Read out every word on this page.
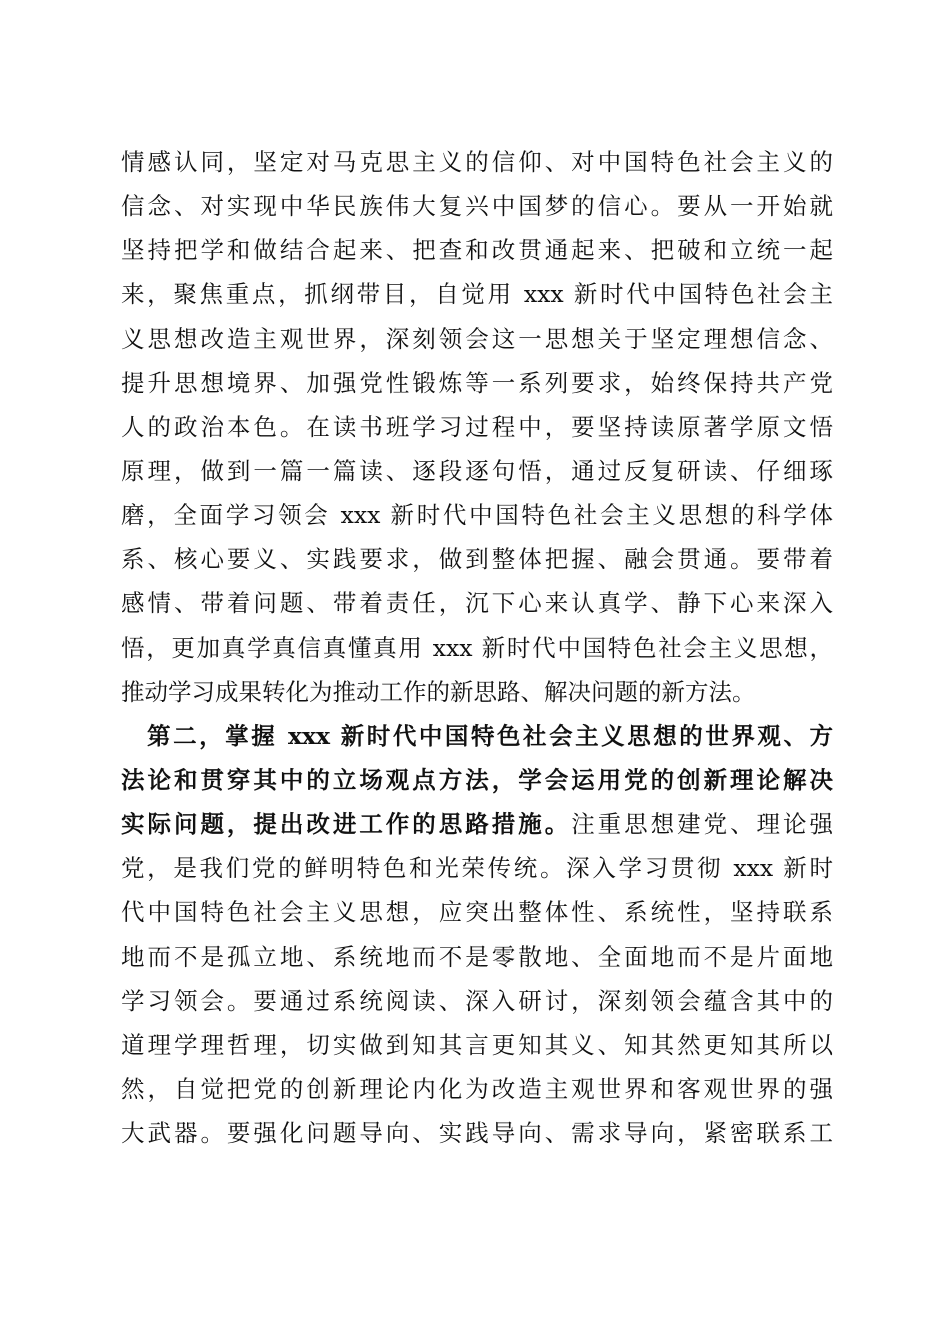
情感认同，坚定对马克思主义的信仰、对中国特色社会主义的
信念、对实现中华民族伟大复兴中国梦的信心。要从一开始就
坚持把学和做结合起来、把查和改贯通起来、把破和立统一起
来，聚焦重点，抓纲带目，自觉用 xxx 新时代中国特色社会主
义思想改造主观世界，深刻领会这一思想关于坚定理想信念、
提升思想境界、加强党性锻炼等一系列要求，始终保持共产党
人的政治本色。在读书班学习过程中，要坚持读原著学原文悟
原理，做到一篇一篇读、逐段逐句悟，通过反复研读、仔细琢
磨，全面学习领会 xxx 新时代中国特色社会主义思想的科学体
系、核心要义、实践要求，做到整体把握、融会贯通。要带着
感情、带着问题、带着责任，沉下心来认真学、静下心来深入
悟，更加真学真信真懂真用 xxx 新时代中国特色社会主义思想，
推动学习成果转化为推动工作的新思路、解决问题的新方法。
　第二，掌握 xxx 新时代中国特色社会主义思想的世界观、方
法论和贯穿其中的立场观点方法，学会运用党的创新理论解决
实际问题，提出改进工作的思路措施。注重思想建党、理论强
党，是我们党的鲜明特色和光荣传统。深入学习贯彻 xxx 新时
代中国特色社会主义思想，应突出整体性、系统性，坚持联系
地而不是孤立地、系统地而不是零散地、全面地而不是片面地
学习领会。要通过系统阅读、深入研讨，深刻领会蕴含其中的
道理学理哲理，切实做到知其言更知其义、知其然更知其所以
然，自觉把党的创新理论内化为改造主观世界和客观世界的强
大武器。要强化问题导向、实践导向、需求导向，紧密联系工
